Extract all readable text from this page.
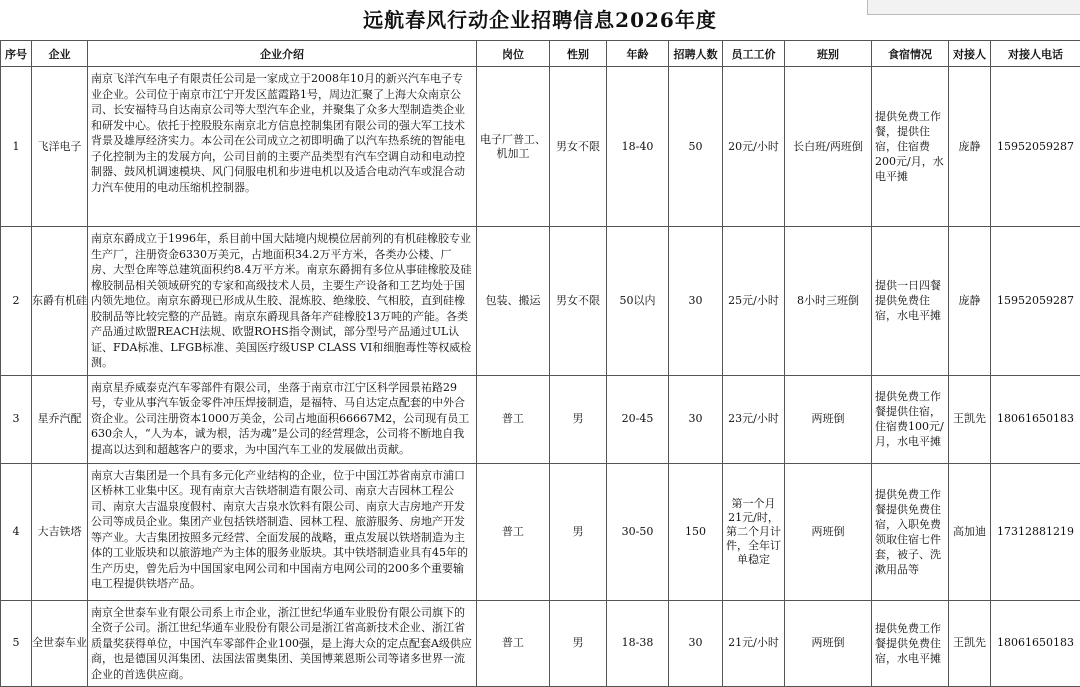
远航春风行动企业招聘信息2026年度
序号	企业	企业介绍	岗位	性别	年龄	招聘人数	员工工价	班别	食宿情况	对接人	对接人电话
1	飞洋电子	南京飞洋汽车电子有限责任公司是一家成立于2008年10月的新兴汽车电子专业企业。公司位于南京市江宁开发区蓝霞路1号，周边汇聚了上海大众南京公司、长安福特马自达南京公司等大型汽车企业，并聚集了众多大型制造类企业和研发中心。依托于控股股东南京北方信息控制集团有限公司的强大军工技术背景及雄厚经济实力。本公司在公司成立之初即明确了以汽车热系统的智能电子化控制为主的发展方向，公司目前的主要产品类型有汽车空调自动和电动控制器、鼓风机调速模块、风门伺服电机和步进电机以及适合电动汽车或混合动力汽车使用的电动压缩机控制器。	电子厂普工、机加工	男女不限	18-40	50	20元/小时	长白班/两班倒	提供免费工作餐，提供住宿，住宿费200元/月，水电平摊	庞静	15952059287
2	东爵有机硅	南京东爵成立于1996年，系目前中国大陆境内规模位居前列的有机硅橡胶专业生产厂，注册资金6330万美元，占地面积34.2万平方米，各类办公楼、厂房、大型仓库等总建筑面积约8.4万平方米。南京东爵拥有多位从事硅橡胶及硅橡胶制品相关领域研究的专家和高级技术人员，主要生产设备和工艺均处于国内领先地位。南京东爵现已形成从生胶、混炼胶、绝缘胶、气相胶，直到硅橡胶制品等比较完整的产品链。南京东爵现具备年产硅橡胶13万吨的产能。各类产品通过欧盟REACH法规、欧盟ROHS指令测试，部分型号产品通过UL认证、FDA标准、LFGB标准、美国医疗级USP CLASS VI和细胞毒性等权威检测。	包装、搬运	男女不限	50以内	30	25元/小时	8小时三班倒	提供一日四餐提供免费住宿，水电平摊	庞静	15952059287
3	星乔汽配	南京星乔威泰克汽车零部件有限公司，坐落于南京市江宁区科学园景祐路29号，专业从事汽车钣金零件冲压焊接制造，是福特、马自达定点配套的中外合资企业。公司注册资本1000万美金，公司占地面积66667M2，公司现有员工630余人，“人为本，诚为根，活为魂”是公司的经营理念，公司将不断地自我提高以达到和超越客户的要求，为中国汽车工业的发展做出贡献。	普工	男	20-45	30	23元/小时	两班倒	提供免费工作餐提供住宿，住宿费100元/月，水电平摊	王凯先	18061650183
4	大吉铁塔	南京大吉集团是一个具有多元化产业结构的企业，位于中国江苏省南京市浦口区桥林工业集中区。现有南京大吉铁塔制造有限公司、南京大吉园林工程公司、南京大吉温泉度假村、南京大吉泉水饮料有限公司、南京大吉房地产开发公司等成员企业。集团产业包括铁塔制造、园林工程、旅游服务、房地产开发等产业。大吉集团按照多元经营、全面发展的战略，重点发展以铁塔制造为主体的工业版块和以旅游地产为主体的服务业版块。其中铁塔制造业具有45年的生产历史，曾先后为中国国家电网公司和中国南方电网公司的200多个重要输电工程提供铁塔产品。	普工	男	30-50	150	第一个月21元/时，第二个月计件，全年订单稳定	两班倒	提供免费工作餐提供免费住宿，入职免费领取住宿七件套，被子、洗漱用品等	高加迪	17312881219
5	全世泰车业	南京全世泰车业有限公司系上市企业，浙江世纪华通车业股份有限公司旗下的全资子公司。浙江世纪华通车业股份有限公司是浙江省高新技术企业、浙江省质量奖获得单位，中国汽车零部件企业100强，是上海大众的定点配套A级供应商，也是德国贝洱集团、法国法雷奥集团、美国博莱恩斯公司等诸多世界一流企业的首选供应商。	普工	男	18-38	30	21元/小时	两班倒	提供免费工作餐提供免费住宿，水电平摊	王凯先	18061650183
